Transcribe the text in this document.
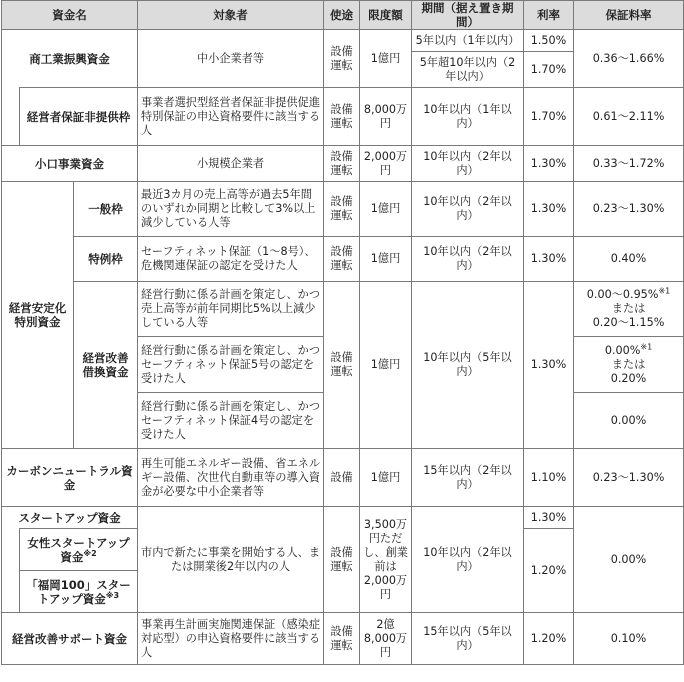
資金名			対象者	使途	限度額	期間（据え置き期間）	利率	保証料率
商工業振興資金			中小企業者等	設備運転	1億円	5年以内（1年以内）	1.50%	0.36～1.66%
						5年超10年以内（2年以内）	1.70%	
	経営者保証非提供枠		事業者選択型経営者保証非提供促進特別保証の申込資格要件に該当する人	設備運転	8,000万円	10年以内（1年以内）	1.70%	0.61～2.11%
小口事業資金			小規模企業者	設備運転	2,000万円	10年以内（2年以内）	1.30%	0.33～1.72%
経営安定化特別資金		一般枠	最近3カ月の売上高等が過去5年間のいずれか同期と比較して3%以上減少している人等	設備運転	1億円	10年以内（2年以内）	1.30%	0.23～1.30%
		特例枠	セーフティネット保証（1～8号）、危機関連保証の認定を受けた人	設備運転	1億円	10年以内（2年以内）	1.30%	0.40%
		経営改善借換資金	経営行動に係る計画を策定し、かつ売上高等が前年同期比5%以上減少している人等	設備運転	1億円	10年以内（5年以内）	1.30%	0.00～0.95%$^{※1}$
または
0.20～1.15%
			経営行動に係る計画を策定し、かつセーフティネット保証5号の認定を受けた人					0.00%$^{※1}$
または
0.20%
			経営行動に係る計画を策定し、かつセーフティネット保証4号の認定を受けた人					0.00%
カーボンニュートラル資金			再生可能エネルギー設備、省エネルギー設備、次世代自動車等の導入資金が必要な中小企業者等	設備	1億円	15年以内（2年以内）	1.10%	0.23～1.30%
スタートアップ資金			市内で新たに事業を開始する人、または開業後2年以内の人	設備運転	3,500万円ただし、創業前は2,000万円	10年以内（2年以内）	1.30%	0.00%
	女性スタートアップ資金$^{※2}$						1.20%	
	「福岡100」スタートアップ資金$^{※3}$
経営改善サポート資金			事業再生計画実施関連保証（感染症対応型）の申込資格要件に該当する人	設備運転	2億8,000万円	15年以内（5年以内）	1.20%	0.10%
